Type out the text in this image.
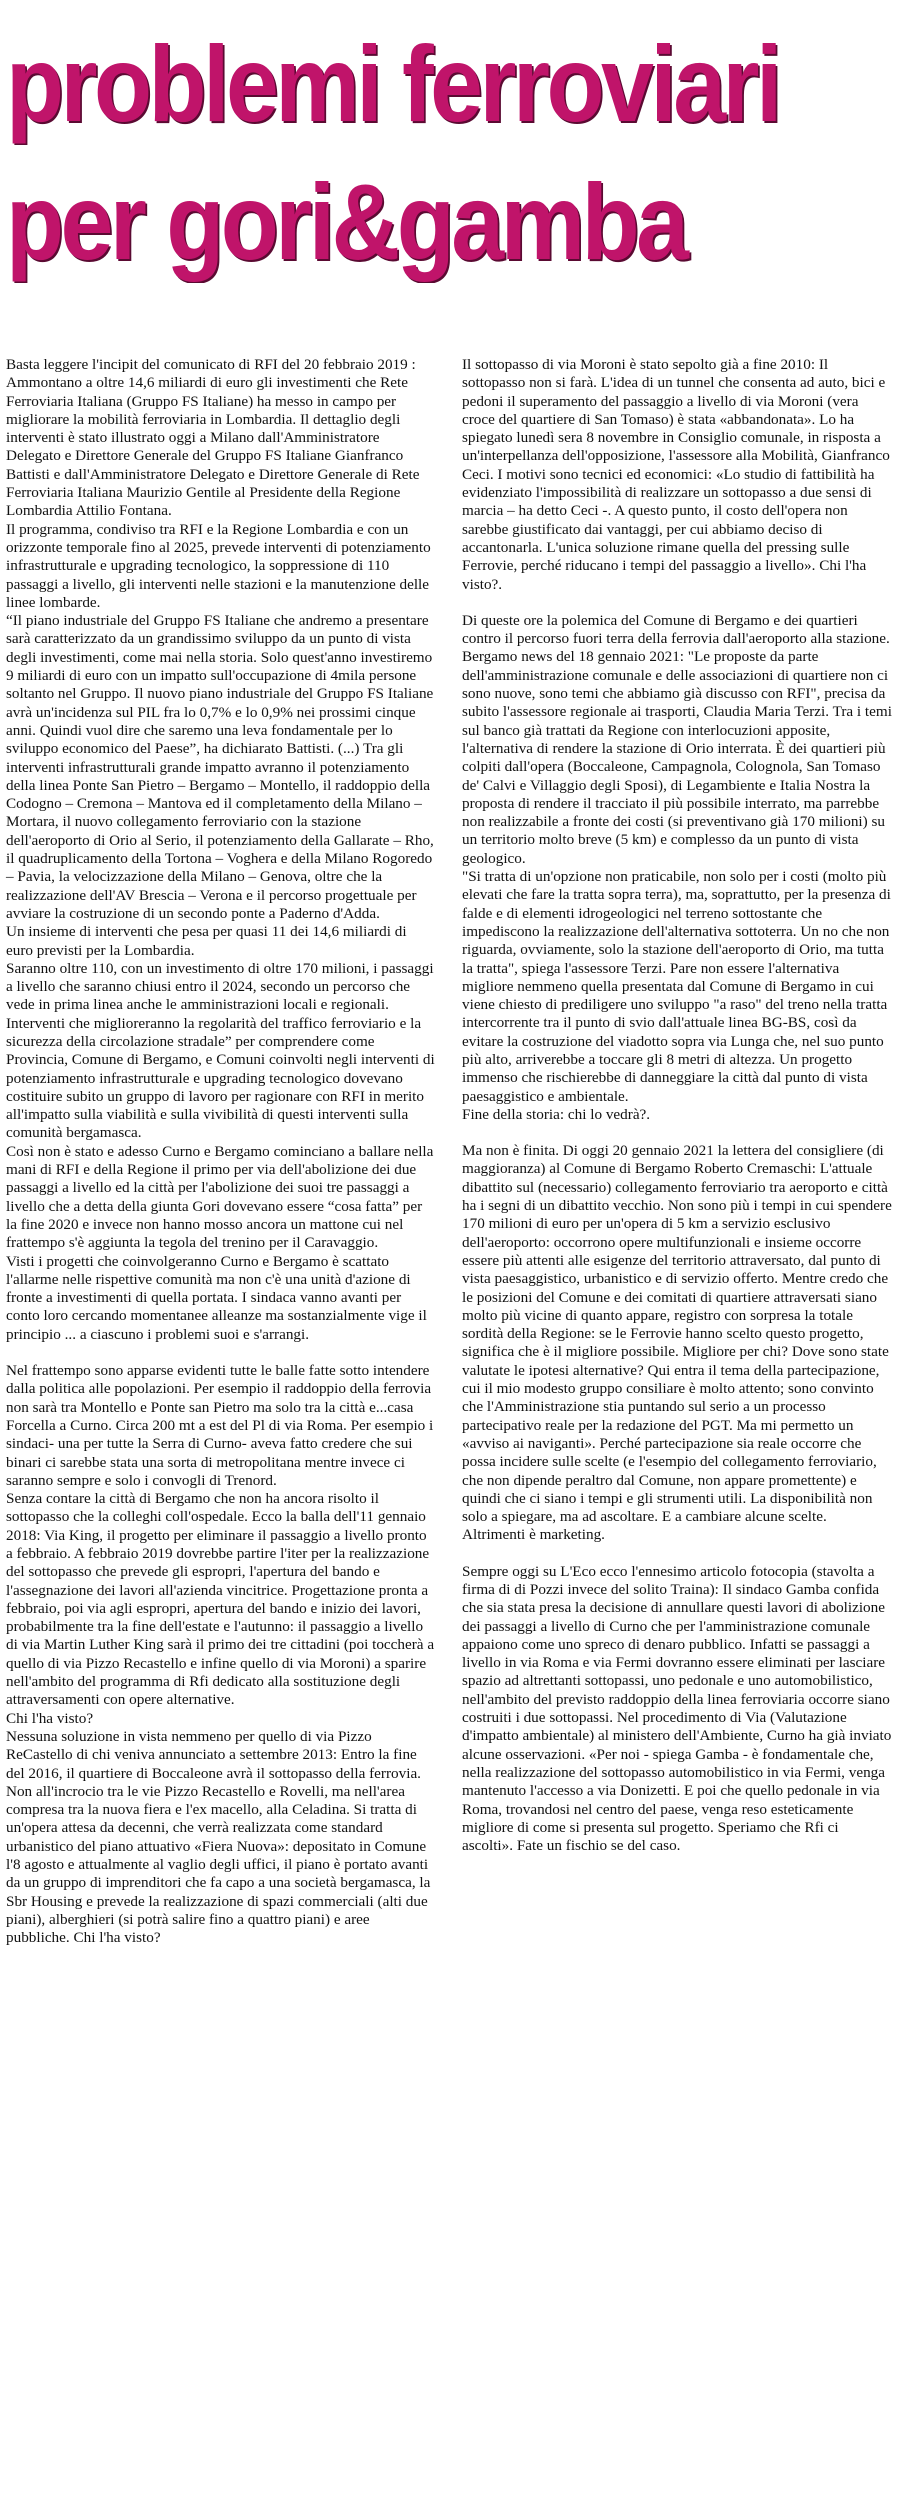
problemi ferroviari
per gori&gamba

Basta leggere l'incipit del comunicato di RFI del 20 febbraio 2019 : Ammontano a oltre 14,6 miliardi di euro gli investimenti che Rete Ferroviaria Italiana (Gruppo FS Italiane) ha messo in campo per migliorare la mobilità ferroviaria in Lombardia. Il dettaglio degli interventi è stato illustrato oggi a Milano dall'Amministratore Delegato e Direttore Generale del Gruppo FS Italiane Gianfranco Battisti e dall'Amministratore Delegato e Direttore Generale di Rete Ferroviaria Italiana Maurizio Gentile al Presidente della Regione Lombardia Attilio Fontana.

Il programma, condiviso tra RFI e la Regione Lombardia e con un orizzonte temporale fino al 2025, prevede interventi di potenziamento infrastrutturale e upgrading tecnologico, la soppressione di 110 passaggi a livello, gli interventi nelle stazioni e la manutenzione delle linee lombarde.

“Il piano industriale del Gruppo FS Italiane che andremo a presentare sarà caratterizzato da un grandissimo sviluppo da un punto di vista degli investimenti, come mai nella storia. Solo quest'anno investiremo 9 miliardi di euro con un impatto sull'occupazione di 4mila persone soltanto nel Gruppo. Il nuovo piano industriale del Gruppo FS Italiane avrà un'incidenza sul PIL fra lo 0,7% e lo 0,9% nei prossimi cinque anni. Quindi vuol dire che saremo una leva fondamentale per lo sviluppo economico del Paese”, ha dichiarato Battisti. (...) Tra gli interventi infrastrutturali grande impatto avranno il potenziamento della linea Ponte San Pietro – Bergamo – Montello, il raddoppio della Codogno – Cremona – Mantova ed il completamento della Milano – Mortara, il nuovo collegamento ferroviario con la stazione dell'aeroporto di Orio al Serio, il potenziamento della Gallarate – Rho, il quadruplicamento della Tortona – Voghera e della Milano Rogoredo – Pavia, la velocizzazione della Milano – Genova, oltre che la realizzazione dell'AV Brescia – Verona e il percorso progettuale per avviare la costruzione di un secondo ponte a Paderno d'Adda.

Un insieme di interventi che pesa per quasi 11 dei 14,6 miliardi di euro previsti per la Lombardia.

Saranno oltre 110, con un investimento di oltre 170 milioni, i passaggi a livello che saranno chiusi entro il 2024, secondo un percorso che vede in prima linea anche le amministrazioni locali e regionali. Interventi che miglioreranno la regolarità del traffico ferroviario e la sicurezza della circolazione stradale” per comprendere come Provincia, Comune di Bergamo, e Comuni coinvolti negli interventi di potenziamento infrastrutturale e upgrading tecnologico dovevano costituire subito un gruppo di lavoro per ragionare con RFI in merito all'impatto sulla viabilità e sulla vivibilità di questi interventi sulla comunità bergamasca.

Così non è stato e adesso Curno e Bergamo cominciano a ballare nella mani di RFI e della Regione il primo per via dell'abolizione dei due passaggi a livello ed la città per l'abolizione dei suoi tre passaggi a livello che a detta della giunta Gori dovevano essere “cosa fatta” per la fine 2020 e invece non hanno mosso ancora un mattone cui nel frattempo s'è aggiunta la tegola del trenino per il Caravaggio.

Visti i progetti che coinvolgeranno Curno e Bergamo è scattato l'allarme nelle rispettive comunità ma non c'è una unità d'azione di fronte a investimenti di quella portata. I sindaca vanno avanti per conto loro cercando momentanee alleanze ma sostanzialmente vige il principio ... a ciascuno i problemi suoi e s'arrangi.

Nel frattempo sono apparse evidenti tutte le balle fatte sotto intendere dalla politica alle popolazioni. Per esempio il raddoppio della ferrovia non sarà tra Montello e Ponte san Pietro ma solo tra la città e...casa Forcella a Curno. Circa 200 mt a est del Pl di via Roma. Per esempio i sindaci- una per tutte la Serra di Curno- aveva fatto credere che sui binari ci sarebbe stata una sorta di metropolitana mentre invece ci saranno sempre e solo i convogli di Trenord.

Senza contare la città di Bergamo che non ha ancora risolto il sottopasso che la colleghi coll'ospedale. Ecco la balla dell'11 gennaio 2018: Via King, il progetto per eliminare il passaggio a livello pronto a febbraio. A febbraio 2019 dovrebbe partire l'iter per la realizzazione del sottopasso che prevede gli espropri, l'apertura del bando e l'assegnazione dei lavori all'azienda vincitrice. Progettazione pronta a febbraio, poi via agli espropri, apertura del bando e inizio dei lavori, probabilmente tra la fine dell'estate e l'autunno: il passaggio a livello di via Martin Luther King sarà il primo dei tre cittadini (poi toccherà a quello di via Pizzo Recastello e infine quello di via Moroni) a sparire nell'ambito del programma di Rfi dedicato alla sostituzione degli attraversamenti con opere alternative.

Chi l'ha visto?

Nessuna soluzione in vista nemmeno per quello di via Pizzo ReCastello di chi veniva annunciato a settembre 2013: Entro la fine del 2016, il quartiere di Boccaleone avrà il sottopasso della ferrovia. Non all'incrocio tra le vie Pizzo Recastello e Rovelli, ma nell'area compresa tra la nuova fiera e l'ex macello, alla Celadina. Si tratta di un'opera attesa da decenni, che verrà realizzata come standard urbanistico del piano attuativo «Fiera Nuova»: depositato in Comune l'8 agosto e attualmente al vaglio degli uffici, il piano è portato avanti da un gruppo di imprenditori che fa capo a una società bergamasca, la Sbr Housing e prevede la realizzazione di spazi commerciali (alti due piani), alberghieri (si potrà salire fino a quattro piani) e aree pubbliche. Chi l'ha visto?

Il sottopasso di via Moroni è stato sepolto già a fine 2010: Il sottopasso non si farà. L'idea di un tunnel che consenta ad auto, bici e pedoni il superamento del passaggio a livello di via Moroni (vera croce del quartiere di San Tomaso) è stata «abbandonata». Lo ha spiegato lunedì sera 8 novembre in Consiglio comunale, in risposta a un'interpellanza dell'opposizione, l'assessore alla Mobilità, Gianfranco Ceci. I motivi sono tecnici ed economici: «Lo studio di fattibilità ha evidenziato l'impossibilità di realizzare un sottopasso a due sensi di marcia – ha detto Ceci -. A questo punto, il costo dell'opera non sarebbe giustificato dai vantaggi, per cui abbiamo deciso di accantonarla. L'unica soluzione rimane quella del pressing sulle Ferrovie, perché riducano i tempi del passaggio a livello». Chi l'ha visto?.

Di queste ore la polemica del Comune di Bergamo e dei quartieri contro il percorso fuori terra della ferrovia dall'aeroporto alla stazione. Bergamo news del 18 gennaio 2021: "Le proposte da parte dell'amministrazione comunale e delle associazioni di quartiere non ci sono nuove, sono temi che abbiamo già discusso con RFI", precisa da subito l'assessore regionale ai trasporti, Claudia Maria Terzi. Tra i temi sul banco già trattati da Regione con interlocuzioni apposite, l'alternativa di rendere la stazione di Orio interrata. È dei quartieri più colpiti dall'opera (Boccaleone, Campagnola, Colognola, San Tomaso de' Calvi e Villaggio degli Sposi), di Legambiente e Italia Nostra la proposta di rendere il tracciato il più possibile interrato, ma parrebbe non realizzabile a fronte dei costi (si preventivano già 170 milioni) su un territorio molto breve (5 km) e complesso da un punto di vista geologico.

"Si tratta di un'opzione non praticabile, non solo per i costi (molto più elevati che fare la tratta sopra terra), ma, soprattutto, per la presenza di falde e di elementi idrogeologici nel terreno sottostante che impediscono la realizzazione dell'alternativa sottoterra. Un no che non riguarda, ovviamente, solo la stazione dell'aeroporto di Orio, ma tutta la tratta", spiega l'assessore Terzi. Pare non essere l'alternativa migliore nemmeno quella presentata dal Comune di Bergamo in cui viene chiesto di prediligere uno sviluppo "a raso" del treno nella tratta intercorrente tra il punto di svio dall'attuale linea BG-BS, così da evitare la costruzione del viadotto sopra via Lunga che, nel suo punto più alto, arriverebbe a toccare gli 8 metri di altezza. Un progetto immenso che rischierebbe di danneggiare la città dal punto di vista paesaggistico e ambientale.

Fine della storia: chi lo vedrà?.

Ma non è finita. Di oggi 20 gennaio 2021 la lettera del consigliere (di maggioranza) al Comune di Bergamo Roberto Cremaschi: L'attuale dibattito sul (necessario) collegamento ferroviario tra aeroporto e città ha i segni di un dibattito vecchio. Non sono più i tempi in cui spendere 170 milioni di euro per un'opera di 5 km a servizio esclusivo dell'aeroporto: occorrono opere multifunzionali e insieme occorre essere più attenti alle esigenze del territorio attraversato, dal punto di vista paesaggistico, urbanistico e di servizio offerto. Mentre credo che le posizioni del Comune e dei comitati di quartiere attraversati siano molto più vicine di quanto appare, registro con sorpresa la totale sordità della Regione: se le Ferrovie hanno scelto questo progetto, significa che è il migliore possibile. Migliore per chi? Dove sono state valutate le ipotesi alternative? Qui entra il tema della partecipazione, cui il mio modesto gruppo consiliare è molto attento; sono convinto che l'Amministrazione stia puntando sul serio a un processo partecipativo reale per la redazione del PGT. Ma mi permetto un «avviso ai naviganti». Perché partecipazione sia reale occorre che possa incidere sulle scelte (e l'esempio del collegamento ferroviario, che non dipende peraltro dal Comune, non appare promettente) e quindi che ci siano i tempi e gli strumenti utili. La disponibilità non solo a spiegare, ma ad ascoltare. E a cambiare alcune scelte. Altrimenti è marketing.

Sempre oggi su L'Eco ecco l'ennesimo articolo fotocopia (stavolta a firma di di Pozzi invece del solito Traina): Il sindaco Gamba confida che sia stata presa la decisione di annullare questi lavori di abolizione dei passaggi a livello di Curno che per l'amministrazione comunale appaiono come uno spreco di denaro pubblico. Infatti se passaggi a livello in via Roma e via Fermi dovranno essere eliminati per lasciare spazio ad altrettanti sottopassi, uno pedonale e uno automobilistico, nell'ambito del previsto raddoppio della linea ferroviaria occorre siano costruiti i due sottopassi. Nel procedimento di Via (Valutazione d'impatto ambientale) al ministero dell'Ambiente, Curno ha già inviato alcune osservazioni. «Per noi - spiega Gamba - è fondamentale che, nella realizzazione del sottopasso automobilistico in via Fermi, venga mantenuto l'accesso a via Donizetti. E poi che quello pedonale in via Roma, trovandosi nel centro del paese, venga reso esteticamente migliore di come si presenta sul progetto. Speriamo che Rfi ci ascolti». Fate un fischio se del caso.
